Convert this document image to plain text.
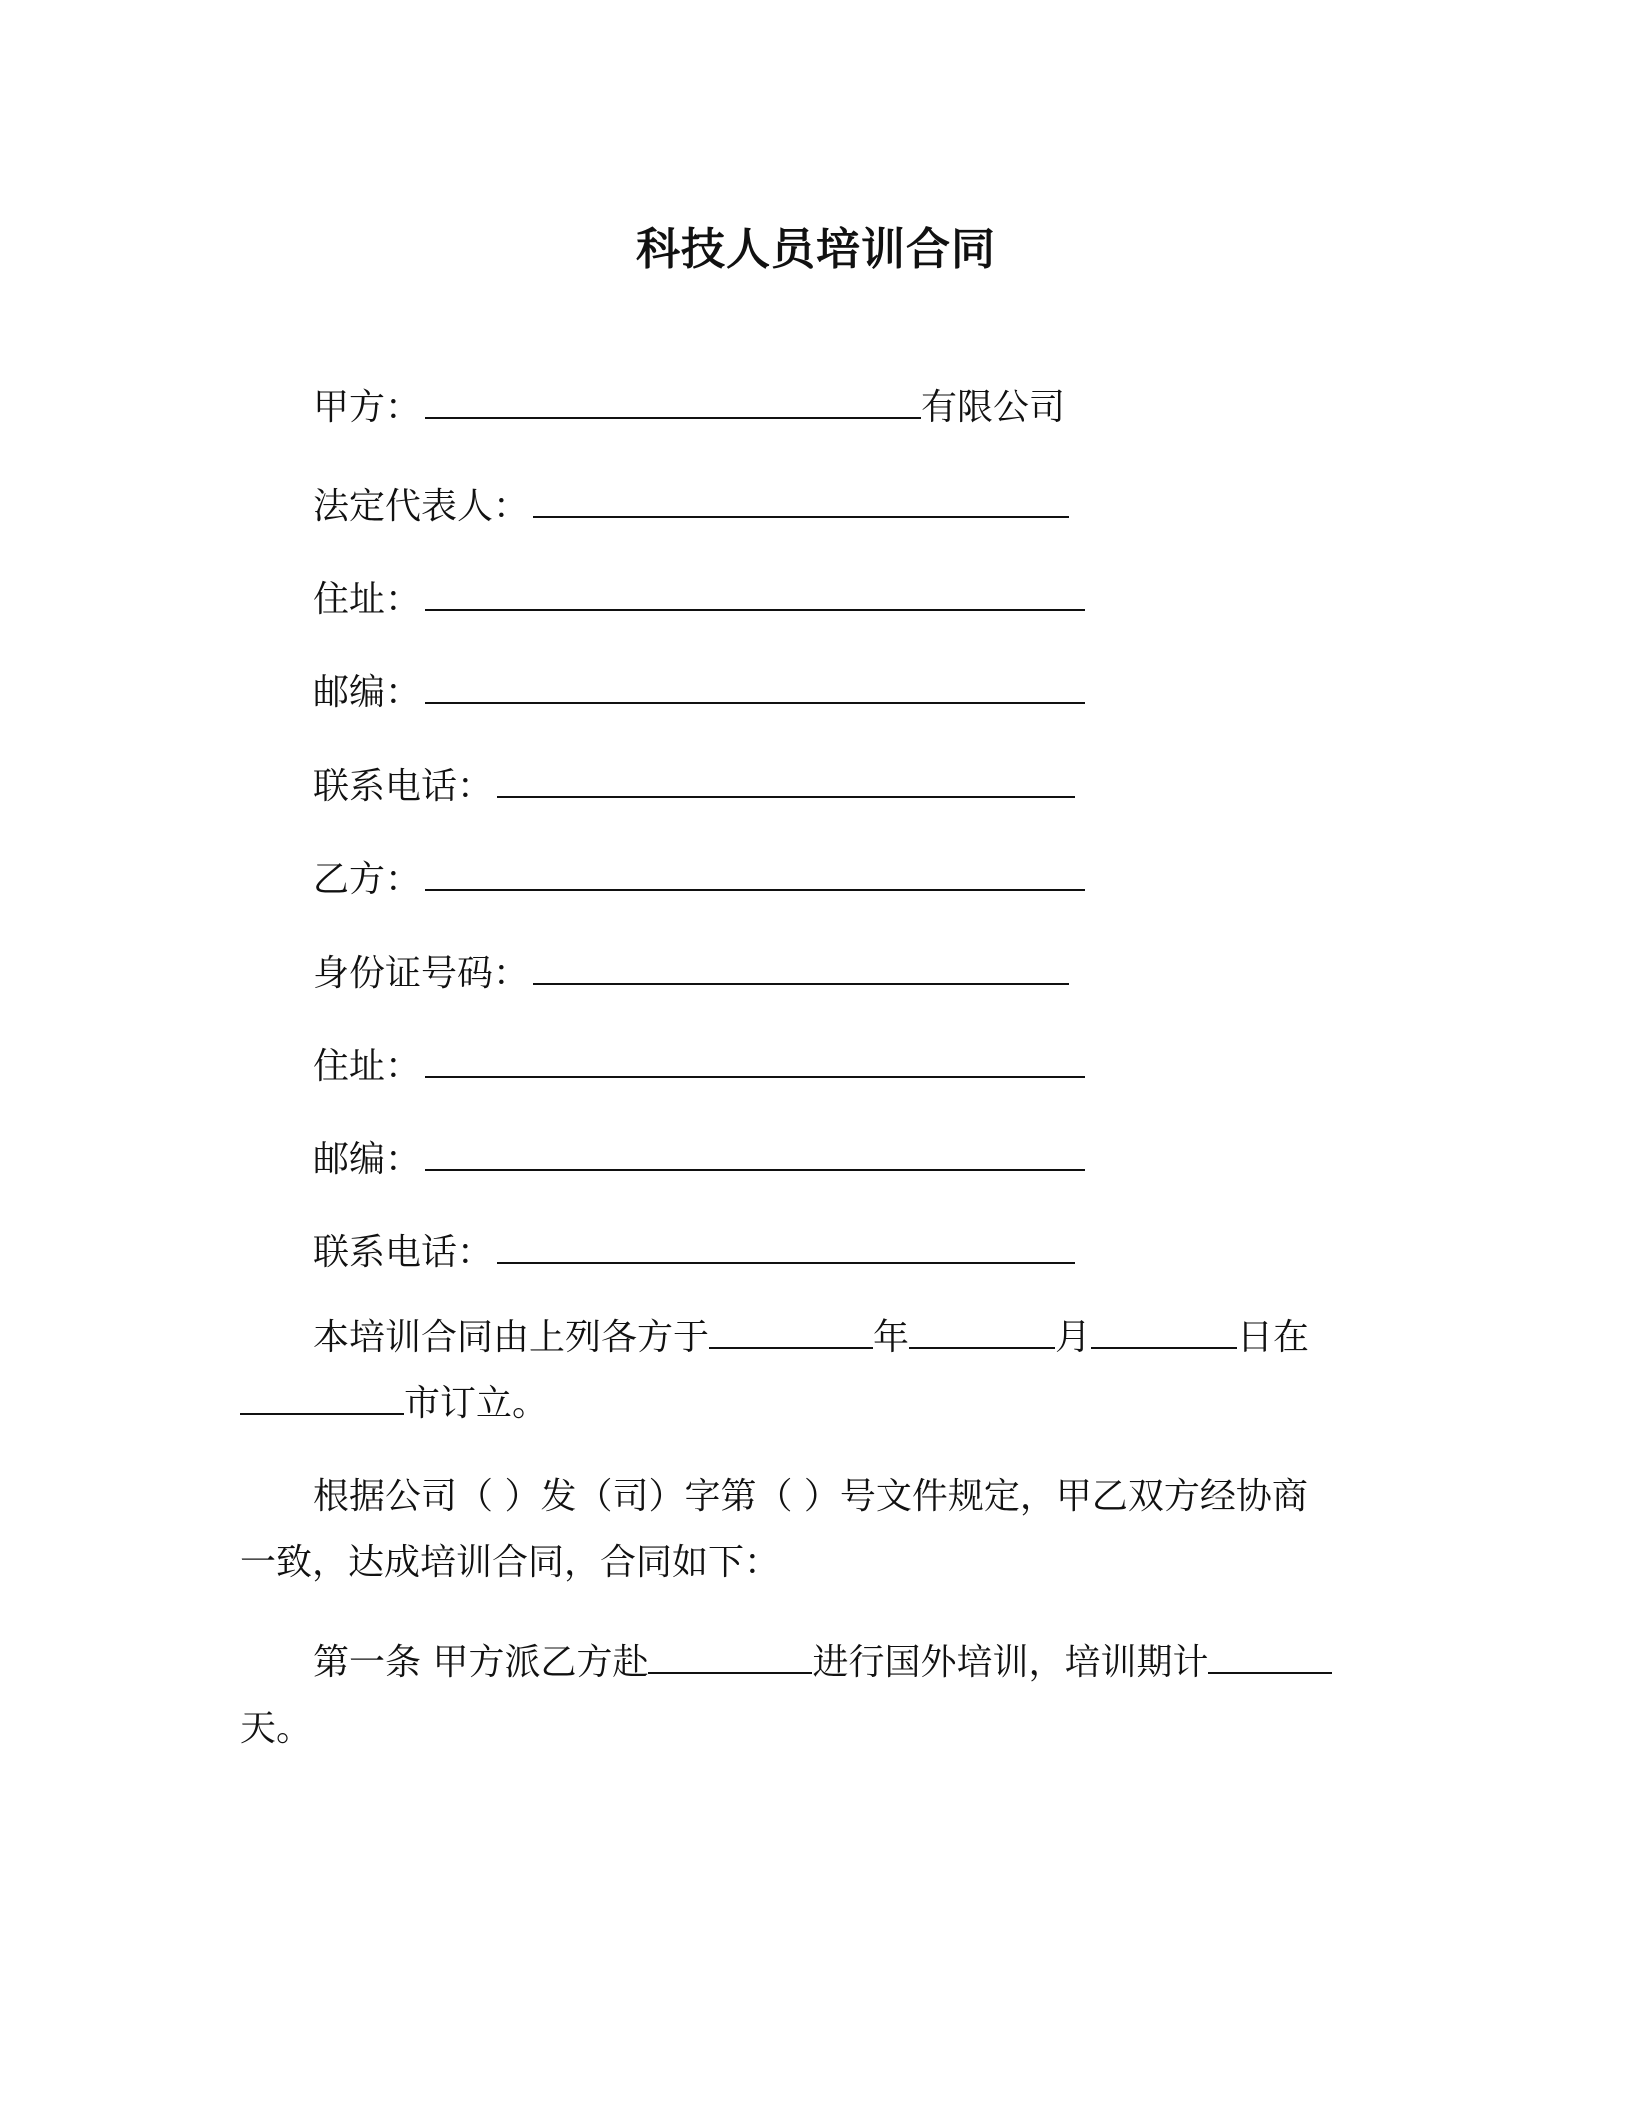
科技人员培训合同
甲方：	有限公司
法定代表人：
住址：
邮编：
联系电话：
乙方：
身份证号码：
住址：
邮编：
联系电话：
本培训合同由上列各方于	年	月	日在
市订立。
根据公司（ ）发（司）字第（ ）号文件规定，甲乙双方经协商
一致，达成培训合同，合同如下：
第一条 甲方派乙方赴	进行国外培训，培训期计
天。
